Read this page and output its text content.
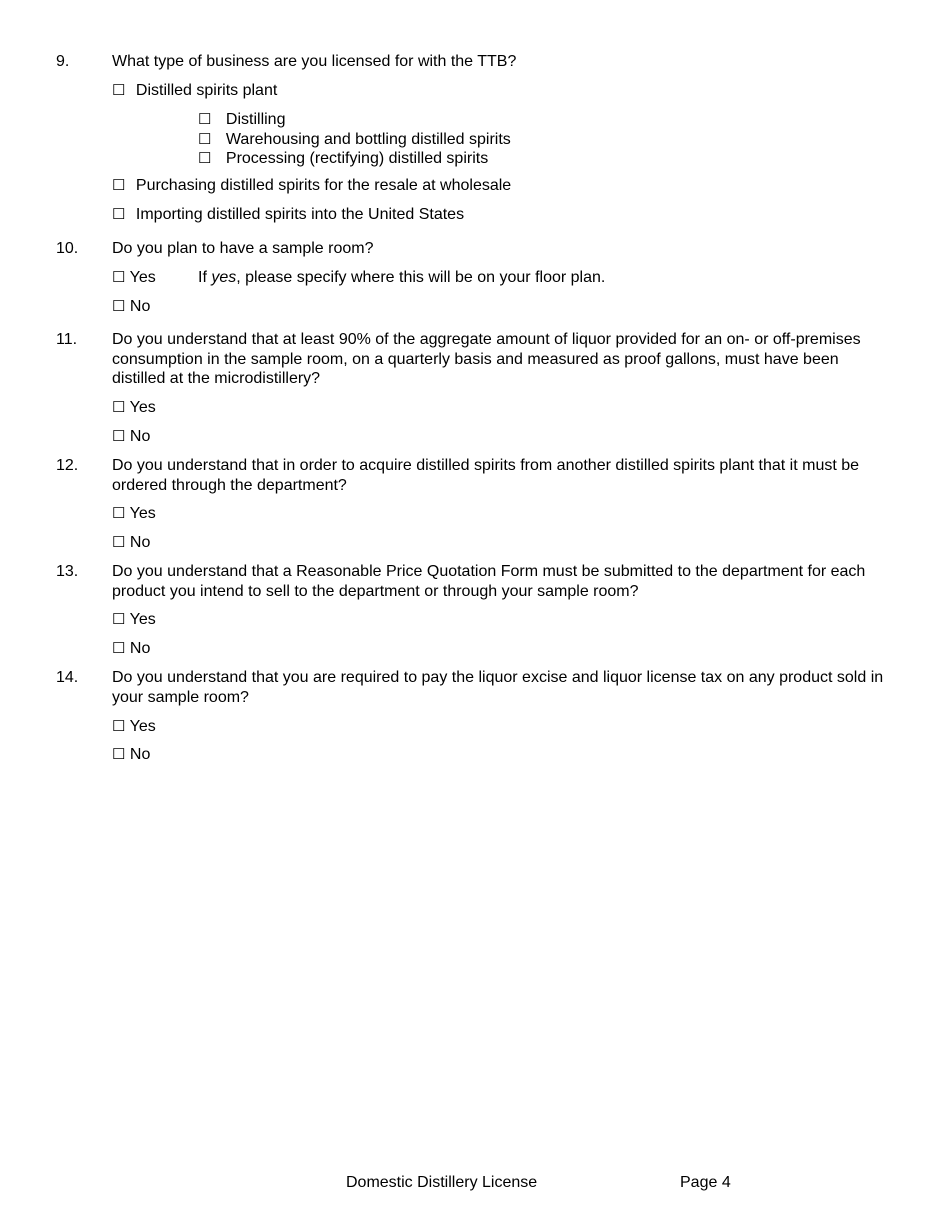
9.	What type of business are you licensed for with the TTB?
☐ Distilled spirits plant
☐ Distilling
☐ Warehousing and bottling distilled spirits
☐ Processing (rectifying) distilled spirits
☐ Purchasing distilled spirits for the resale at wholesale
☐ Importing distilled spirits into the United States
10. Do you plan to have a sample room?
☐ Yes	If yes, please specify where this will be on your floor plan.
☐ No
11. Do you understand that at least 90% of the aggregate amount of liquor provided for an on- or off-premises consumption in the sample room, on a quarterly basis and measured as proof gallons, must have been distilled at the microdistillery?
☐ Yes
☐ No
12. Do you understand that in order to acquire distilled spirits from another distilled spirits plant that it must be ordered through the department?
☐ Yes
☐ No
13. Do you understand that a Reasonable Price Quotation Form must be submitted to the department for each product you intend to sell to the department or through your sample room?
☐ Yes
☐ No
14. Do you understand that you are required to pay the liquor excise and liquor license tax on any product sold in your sample room?
☐ Yes
☐ No
Domestic Distillery License	Page 4
